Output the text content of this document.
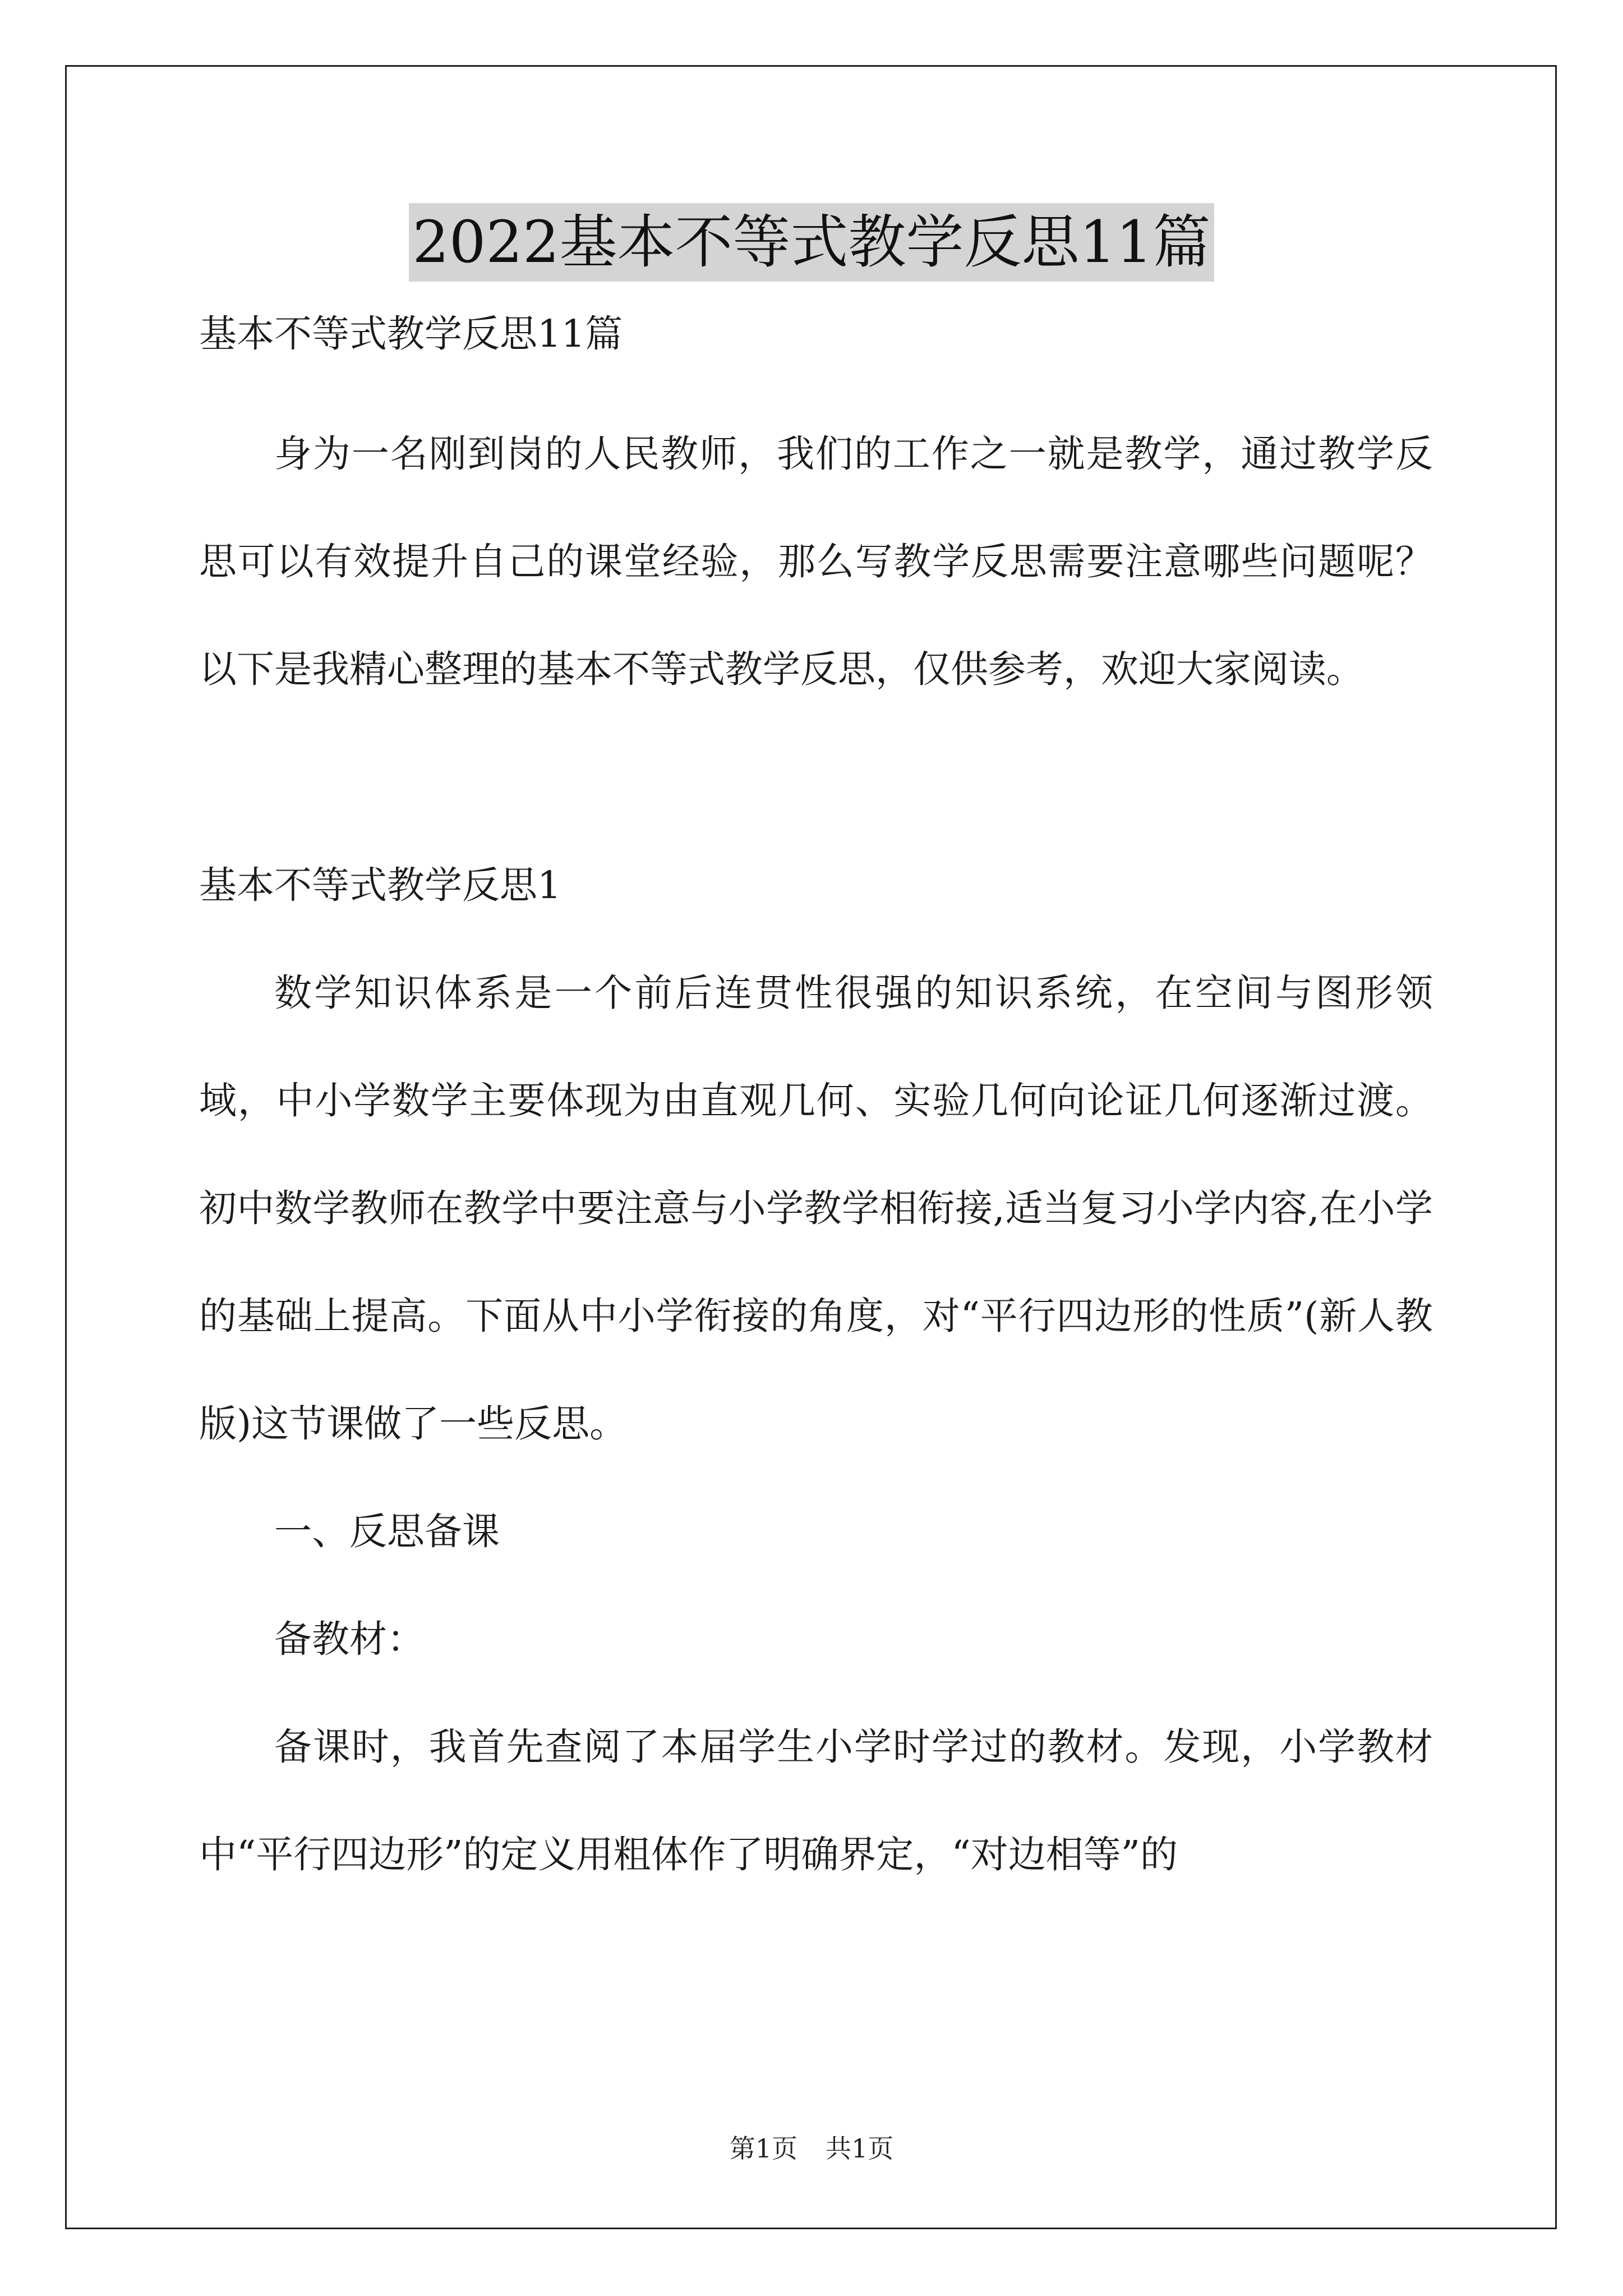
2022基本不等式教学反思11篇

基本不等式教学反思11篇

身为一名刚到岗的人民教师，我们的工作之一就是教学，通过教学反思可以有效提升自己的课堂经验，那么写教学反思需要注意哪些问题呢？以下是我精心整理的基本不等式教学反思，仅供参考，欢迎大家阅读。

基本不等式教学反思1

数学知识体系是一个前后连贯性很强的知识系统，在空间与图形领域，中小学数学主要体现为由直观几何、实验几何向论证几何逐渐过渡。初中数学教师在教学中要注意与小学教学相衔接,适当复习小学内容,在小学的基础上提高。下面从中小学衔接的角度，对“平行四边形的性质”(新人教版)这节课做了一些反思。

一、反思备课

备教材：

备课时，我首先查阅了本届学生小学时学过的教材。发现，小学教材中“平行四边形”的定义用粗体作了明确界定，“对边相等”的

第1页 共1页
